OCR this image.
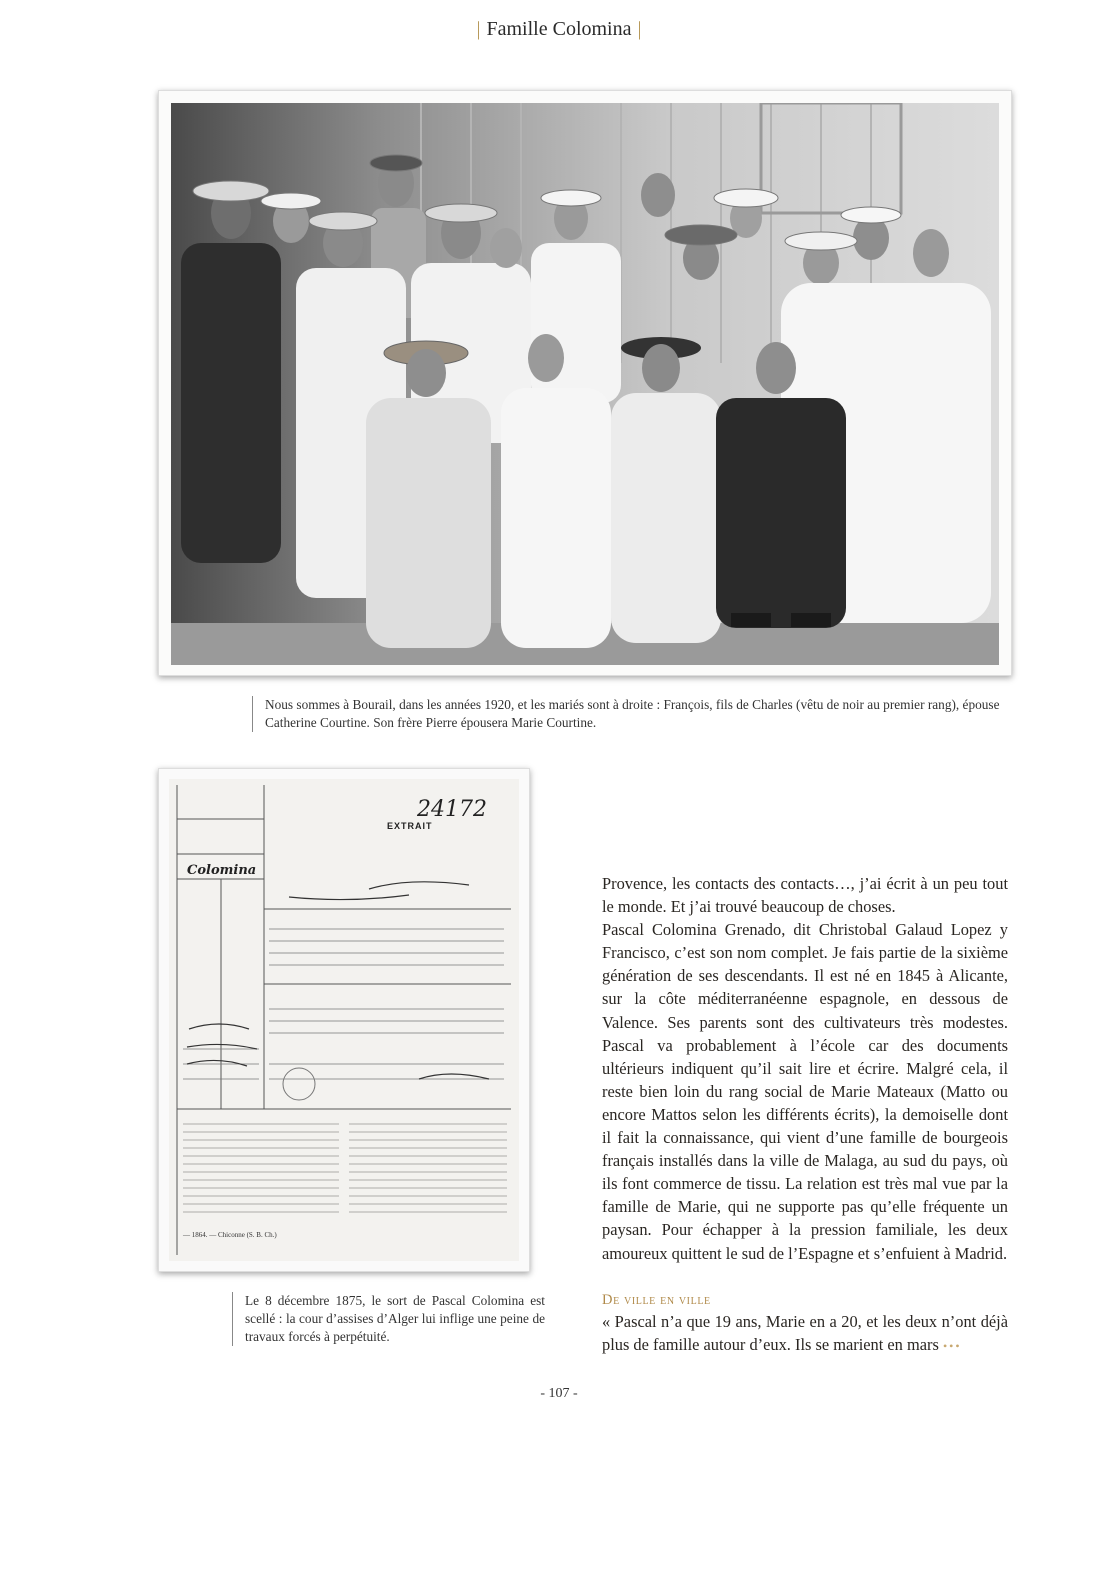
| Famille Colomina |
Nous sommes à Bourail, dans les années 1920, et les mariés sont à droite : François, fils de Charles (vêtu de noir au premier rang), épouse Catherine Courtine. Son frère Pierre épousera Marie Courtine.
EXTRAIT
24172
Colomina
— 1864. — Chiconne (S. B. Ch.)
Le 8 décembre 1875, le sort de Pascal Colomina est scellé : la cour d’assises d’Alger lui inflige une peine de travaux forcés à perpétuité.

Provence, les contacts des contacts…, j’ai écrit à un peu tout le monde. Et j’ai trouvé beaucoup de choses.

Pascal Colomina Grenado, dit Christobal Galaud Lopez y Francisco, c’est son nom complet. Je fais partie de la sixième génération de ses descendants. Il est né en 1845 à Alicante, sur la côte méditerranéenne espagnole, en dessous de Valence. Ses parents sont des cultivateurs très modestes. Pascal va probablement à l’école car des documents ultérieurs indiquent qu’il sait lire et écrire. Malgré cela, il reste bien loin du rang social de Marie Mateaux (Matto ou encore Mattos selon les différents écrits), la demoiselle dont il fait la connaissance, qui vient d’une famille de bourgeois français installés dans la ville de Malaga, au sud du pays, où ils font commerce de tissu. La relation est très mal vue par la famille de Marie, qui ne supporte pas qu’elle fréquente un paysan. Pour échapper à la pression familiale, les deux amoureux quittent le sud de l’Espagne et s’enfuient à Madrid.

De ville en ville

« Pascal n’a que 19 ans, Marie en a 20, et les deux n’ont déjà plus de famille autour d’eux. Ils se marient en mars •••

- 107 -
